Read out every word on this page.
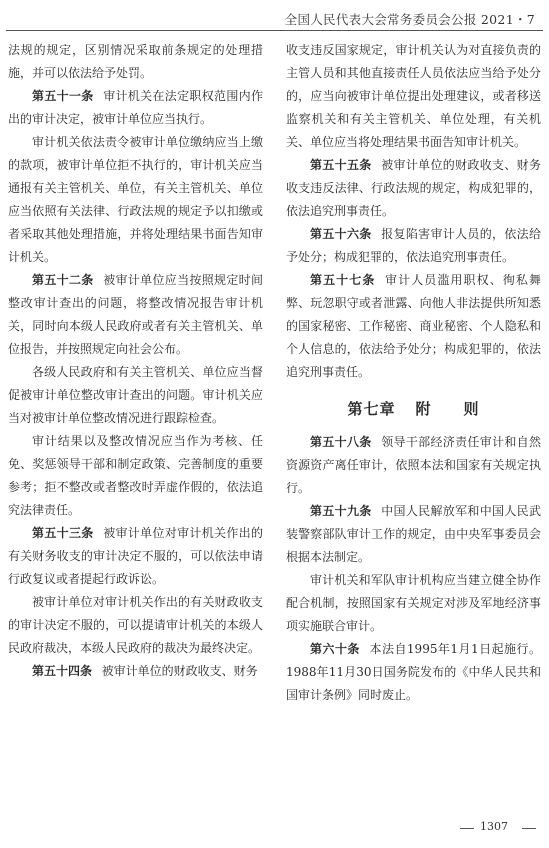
全国人民代表大会常务委员会公报 2021・7

法规的规定，区别情况采取前条规定的处理措施，并可以依法给予处罚。

第五十一条 审计机关在法定职权范围内作出的审计决定，被审计单位应当执行。

审计机关依法责令被审计单位缴纳应当上缴的款项，被审计单位拒不执行的，审计机关应当通报有关主管机关、单位，有关主管机关、单位应当依照有关法律、行政法规的规定予以扣缴或者采取其他处理措施，并将处理结果书面告知审计机关。

第五十二条 被审计单位应当按照规定时间整改审计查出的问题，将整改情况报告审计机关，同时向本级人民政府或者有关主管机关、单位报告，并按照规定向社会公布。

各级人民政府和有关主管机关、单位应当督促被审计单位整改审计查出的问题。审计机关应当对被审计单位整改情况进行跟踪检查。

审计结果以及整改情况应当作为考核、任免、奖惩领导干部和制定政策、完善制度的重要参考；拒不整改或者整改时弄虚作假的，依法追究法律责任。

第五十三条 被审计单位对审计机关作出的有关财务收支的审计决定不服的，可以依法申请行政复议或者提起行政诉讼。

被审计单位对审计机关作出的有关财政收支的审计决定不服的，可以提请审计机关的本级人民政府裁决，本级人民政府的裁决为最终决定。

第五十四条 被审计单位的财政收支、财务

收支违反国家规定，审计机关认为对直接负责的主管人员和其他直接责任人员依法应当给予处分的，应当向被审计单位提出处理建议，或者移送监察机关和有关主管机关、单位处理，有关机关、单位应当将处理结果书面告知审计机关。

第五十五条 被审计单位的财政收支、财务收支违反法律、行政法规的规定，构成犯罪的，依法追究刑事责任。

第五十六条 报复陷害审计人员的，依法给予处分；构成犯罪的，依法追究刑事责任。

第五十七条 审计人员滥用职权、徇私舞弊、玩忽职守或者泄露、向他人非法提供所知悉的国家秘密、工作秘密、商业秘密、个人隐私和个人信息的，依法给予处分；构成犯罪的，依法追究刑事责任。

第七章 附　　则

第五十八条 领导干部经济责任审计和自然资源资产离任审计，依照本法和国家有关规定执行。

第五十九条 中国人民解放军和中国人民武装警察部队审计工作的规定，由中央军事委员会根据本法制定。

审计机关和军队审计机构应当建立健全协作配合机制，按照国家有关规定对涉及军地经济事项实施联合审计。

第六十条 本法自1995年1月1日起施行。1988年11月30日国务院发布的《中华人民共和国审计条例》同时废止。

1307
